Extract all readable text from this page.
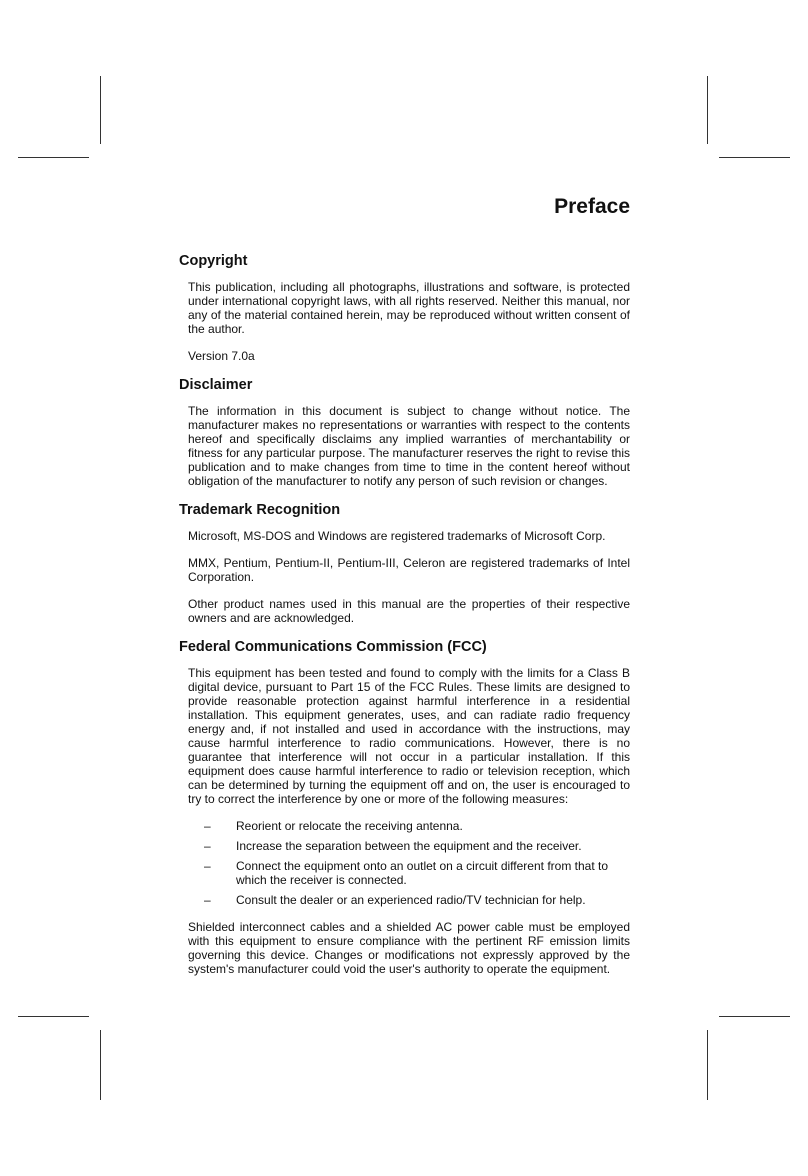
Preface
Copyright

This publication, including all photographs, illustrations and software, is protected under international copyright laws, with all rights reserved. Neither this manual, nor any of the material contained herein, may be reproduced without written consent of the author.

Version 7.0a

Disclaimer

The information in this document is subject to change without notice. The manufacturer makes no representations or warranties with respect to the contents hereof and specifically disclaims any implied warranties of merchantability or fitness for any particular purpose. The manufacturer reserves the right to revise this publication and to make changes from time to time in the content hereof without obligation of the manufacturer to notify any person of such revision or changes.

Trademark Recognition

Microsoft, MS-DOS and Windows are registered trademarks of Microsoft Corp.

MMX, Pentium, Pentium-II, Pentium-III, Celeron are registered trademarks of Intel Corporation.

Other product names used in this manual are the properties of their respective owners and are acknowledged.

Federal Communications Commission (FCC)

This equipment has been tested and found to comply with the limits for a Class B digital device, pursuant to Part 15 of the FCC Rules. These limits are designed to provide reasonable protection against harmful interference in a residential installation. This equipment generates, uses, and can radiate radio frequency energy and, if not installed and used in accordance with the instructions, may cause harmful interference to radio communications. However, there is no guarantee that interference will not occur in a particular installation. If this equipment does cause harmful interference to radio or television reception, which can be determined by turning the equipment off and on, the user is encouraged to try to correct the interference by one or more of the following measures:

– Reorient or relocate the receiving antenna.
– Increase the separation between the equipment and the receiver.
– Connect the equipment onto an outlet on a circuit different from that to which the receiver is connected.
– Consult the dealer or an experienced radio/TV technician for help.

Shielded interconnect cables and a shielded AC power cable must be employed with this equipment to ensure compliance with the pertinent RF emission limits governing this device. Changes or modifications not expressly approved by the system's manufacturer could void the user's authority to operate the equipment.
